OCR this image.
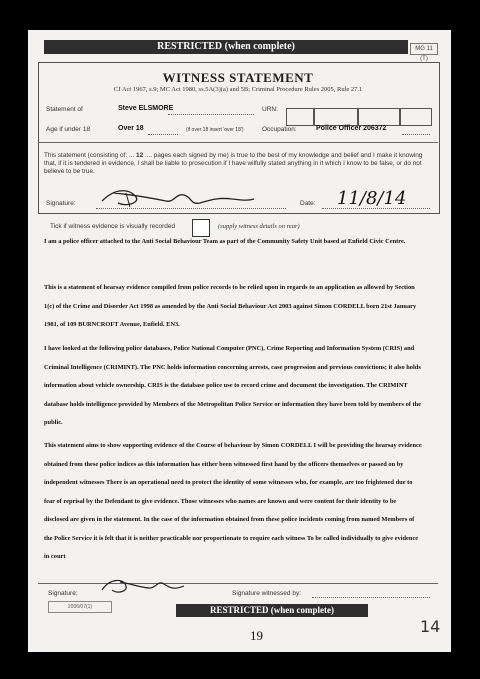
RESTRICTED (when complete)	MG 11 (T)
WITNESS STATEMENT
CJ Act 1967, s.9; MC Act 1980, ss.5A(3)(a) and 5B; Criminal Procedure Rules 2005, Rule 27.1
Statement of	Steve ELSMORE	URN:
Age if under 18	Over 18	(if over 18 insert 'over 18')	Occupation:	Police Officer 206372
This statement (consisting of: ... 12 .... pages each signed by me) is true to the best of my knowledge and belief and I make it knowing that, if it is tendered in evidence, I shall be liable to prosecution if I have wilfully stated anything in it which I know to be false, or do not believe to be true.
Signature:	Date: 11/8/14
Tick if witness evidence is visually recorded	(supply witness details on rear)
I am a police officer attached to the Anti Social Behaviour Team as part of the Community Safety Unit based at Enfield Civic Centre.
This is a statement of hearsay evidence compiled from police records to be relied upon in regards to an application as allowed by Section 1(c) of the Crime and Disorder Act 1998 as amended by the Anti Social Behaviour Act 2003 against Simon CORDELL born 21st January 1981, of 109 BURNCROFT Avenue, Enfield. EN3.
I have looked at the following police databases, Police National Computer (PNC), Crime Reporting and Information System (CRIS) and Criminal Intelligence (CRIMINT). The PNC holds information concerning arrests, case progression and previous convictions; it also holds information about vehicle ownership. CRIS is the database police use to record crime and document the investigation. The CRIMINT database holds intelligence provided by Members of the Metropolitan Police Service or information they have been told by members of the public.
This statement aims to show supporting evidence of the Course of behaviour by Simon CORDELL I will be providing the hearsay evidence obtained from these police indices as this information has either been witnessed first hand by the officers themselves or passed on by independent witnesses There is an operational need to protect the identity of some witnesses who, for example, are too frightened due to fear of reprisal by the Defendant to give evidence. Those witnesses who names are known and were content for their identity to be disclosed are given in the statement. In the case of the information obtained from these police incidents coming from named Members of the Police Service it is felt that it is neither practicable nor proportionate to require each witness To be called individually to give evidence in court
Signature:	Signature witnessed by:
2006/07(1)	RESTRICTED (when complete)
19	14
